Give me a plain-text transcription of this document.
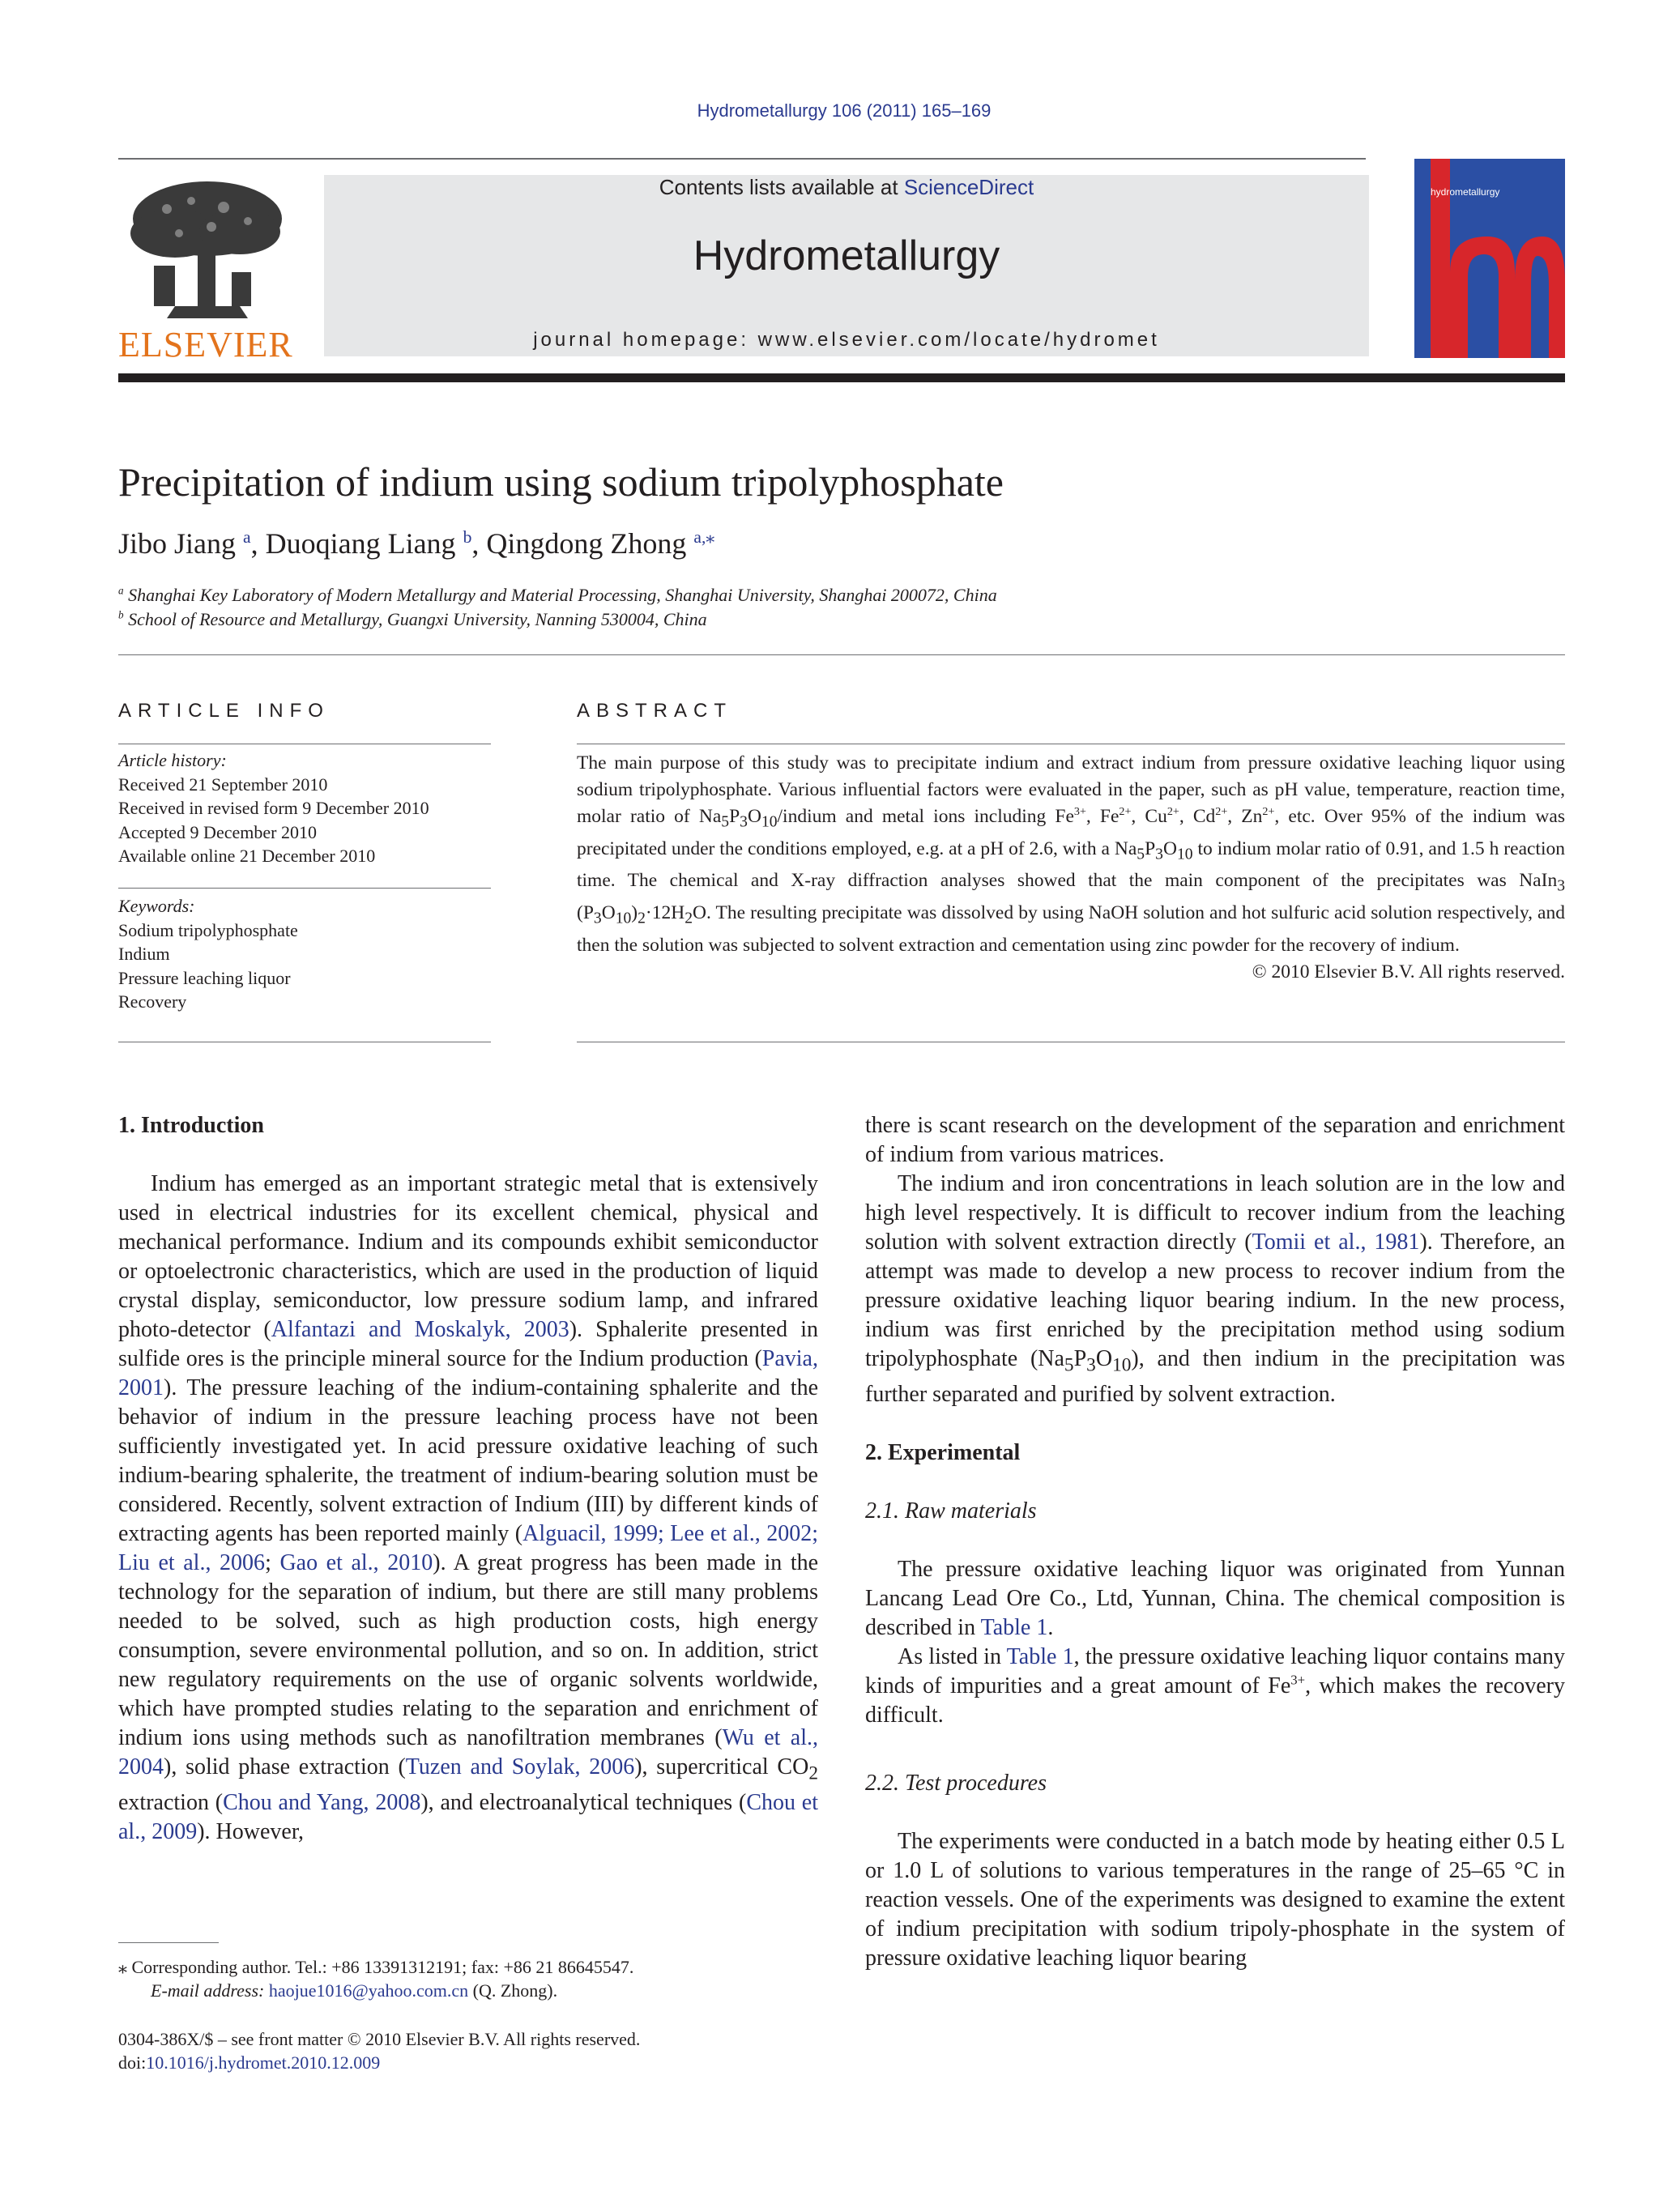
Hydrometallurgy 106 (2011) 165–169
ELSEVIER
Contents lists available at ScienceDirect
Hydrometallurgy
journal homepage: www.elsevier.com/locate/hydromet
hydrometallurgy
Precipitation of indium using sodium tripolyphosphate
Jibo Jiang $^a$, Duoqiang Liang $^b$, Qingdong Zhong $^{a,⁎}$
$^a$ Shanghai Key Laboratory of Modern Metallurgy and Material Processing, Shanghai University, Shanghai 200072, China
$^b$ School of Resource and Metallurgy, Guangxi University, Nanning 530004, China
ARTICLE INFO	ABSTRACT
Article history:
Received 21 September 2010
Received in revised form 9 December 2010
Accepted 9 December 2010
Available online 21 December 2010
Keywords:
Sodium tripolyphosphate
Indium
Pressure leaching liquor
Recovery
The main purpose of this study was to precipitate indium and extract indium from pressure oxidative leaching liquor using sodium tripolyphosphate. Various influential factors were evaluated in the paper, such as pH value, temperature, reaction time, molar ratio of $Na_5P_3O_{10}$/indium and metal ions including $Fe^{3+}$, $Fe^{2+}$, $Cu^{2+}$, $Cd^{2+}$, $Zn^{2+}$, etc. Over 95% of the indium was precipitated under the conditions employed, e.g. at a pH of 2.6, with a $Na_5P_3O_{10}$ to indium molar ratio of 0.91, and 1.5 h reaction time. The chemical and X-ray diffraction analyses showed that the main component of the precipitates was NaIn$_3$ $(P_3O_{10})_2\cdot 12H_2O$. The resulting precipitate was dissolved by using NaOH solution and hot sulfuric acid solution respectively, and then the solution was subjected to solvent extraction and cementation using zinc powder for the recovery of indium.
© 2010 Elsevier B.V. All rights reserved.

1. Introduction

Indium has emerged as an important strategic metal that is extensively used in electrical industries for its excellent chemical, physical and mechanical performance. Indium and its compounds exhibit semiconductor or optoelectronic characteristics, which are used in the production of liquid crystal display, semiconductor, low pressure sodium lamp, and infrared photo-detector (Alfantazi and Moskalyk, 2003). Sphalerite presented in sulfide ores is the principle mineral source for the Indium production (Pavia, 2001). The pressure leaching of the indium-containing sphalerite and the behavior of indium in the pressure leaching process have not been sufficiently investigated yet. In acid pressure oxidative leaching of such indium-bearing sphalerite, the treatment of indium-bearing solution must be considered. Recently, solvent extraction of Indium (III) by different kinds of extracting agents has been reported mainly (Alguacil, 1999; Lee et al., 2002; Liu et al., 2006; Gao et al., 2010). A great progress has been made in the technology for the separation of indium, but there are still many problems needed to be solved, such as high production costs, high energy consumption, severe environmental pollution, and so on. In addition, strict new regulatory requirements on the use of organic solvents worldwide, which have prompted studies relating to the separation and enrichment of indium ions using methods such as nanofiltration membranes (Wu et al., 2004), solid phase extraction (Tuzen and Soylak, 2006), supercritical $CO_2$ extraction (Chou and Yang, 2008), and electroanalytical techniques (Chou et al., 2009). However,

there is scant research on the development of the separation and enrichment of indium from various matrices.

The indium and iron concentrations in leach solution are in the low and high level respectively. It is difficult to recover indium from the leaching solution with solvent extraction directly (Tomii et al., 1981). Therefore, an attempt was made to develop a new process to recover indium from the pressure oxidative leaching liquor bearing indium. In the new process, indium was first enriched by the precipitation method using sodium tripolyphosphate $(Na_5P_3O_{10})$, and then indium in the precipitation was further separated and purified by solvent extraction.

2. Experimental

2.1. Raw materials

The pressure oxidative leaching liquor was originated from Yunnan Lancang Lead Ore Co., Ltd, Yunnan, China. The chemical composition is described in Table 1.

As listed in Table 1, the pressure oxidative leaching liquor contains many kinds of impurities and a great amount of $Fe^{3+}$, which makes the recovery difficult.

2.2. Test procedures

The experiments were conducted in a batch mode by heating either 0.5 L or 1.0 L of solutions to various temperatures in the range of 25–65 °C in reaction vessels. One of the experiments was designed to examine the extent of indium precipitation with sodium tripoly-phosphate in the system of pressure oxidative leaching liquor bearing

⁎ Corresponding author. Tel.: +86 13391312191; fax: +86 21 86645547.
E-mail address: haojue1016@yahoo.com.cn (Q. Zhong).
0304-386X/$ – see front matter © 2010 Elsevier B.V. All rights reserved.
doi:10.1016/j.hydromet.2010.12.009
